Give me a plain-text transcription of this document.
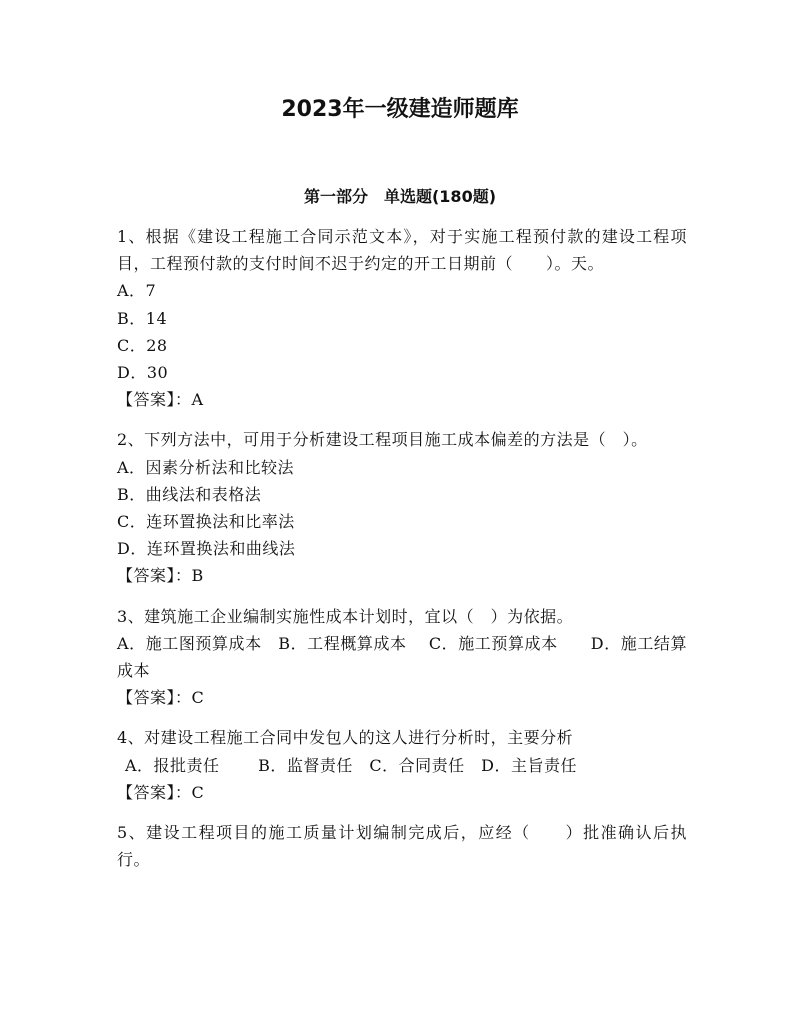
2023年一级建造师题库
第一部分　单选题(180题)

1、根据《建设工程施工合同示范文本》，对于实施工程预付款的建设工程项目，工程预付款的支付时间不迟于约定的开工日期前（　　）。天。

A．7

B．14

C．28

D．30

【答案】：A

2、下列方法中，可用于分析建设工程项目施工成本偏差的方法是（　）。

A．因素分析法和比较法

B．曲线法和表格法

C．连环置换法和比率法

D．连环置换法和曲线法

【答案】：B

3、建筑施工企业编制实施性成本计划时，宜以（　）为依据。

A．施工图预算成本　B．工程概算成本　 C．施工预算成本　　D．施工结算成本

【答案】：C

4、对建设工程施工合同中发包人的这人进行分析时，主要分析

A．报批责任　　 B．监督责任　C．合同责任　D．主旨责任

【答案】：C

5、建设工程项目的施工质量计划编制完成后，应经（　　）批准确认后执行。
